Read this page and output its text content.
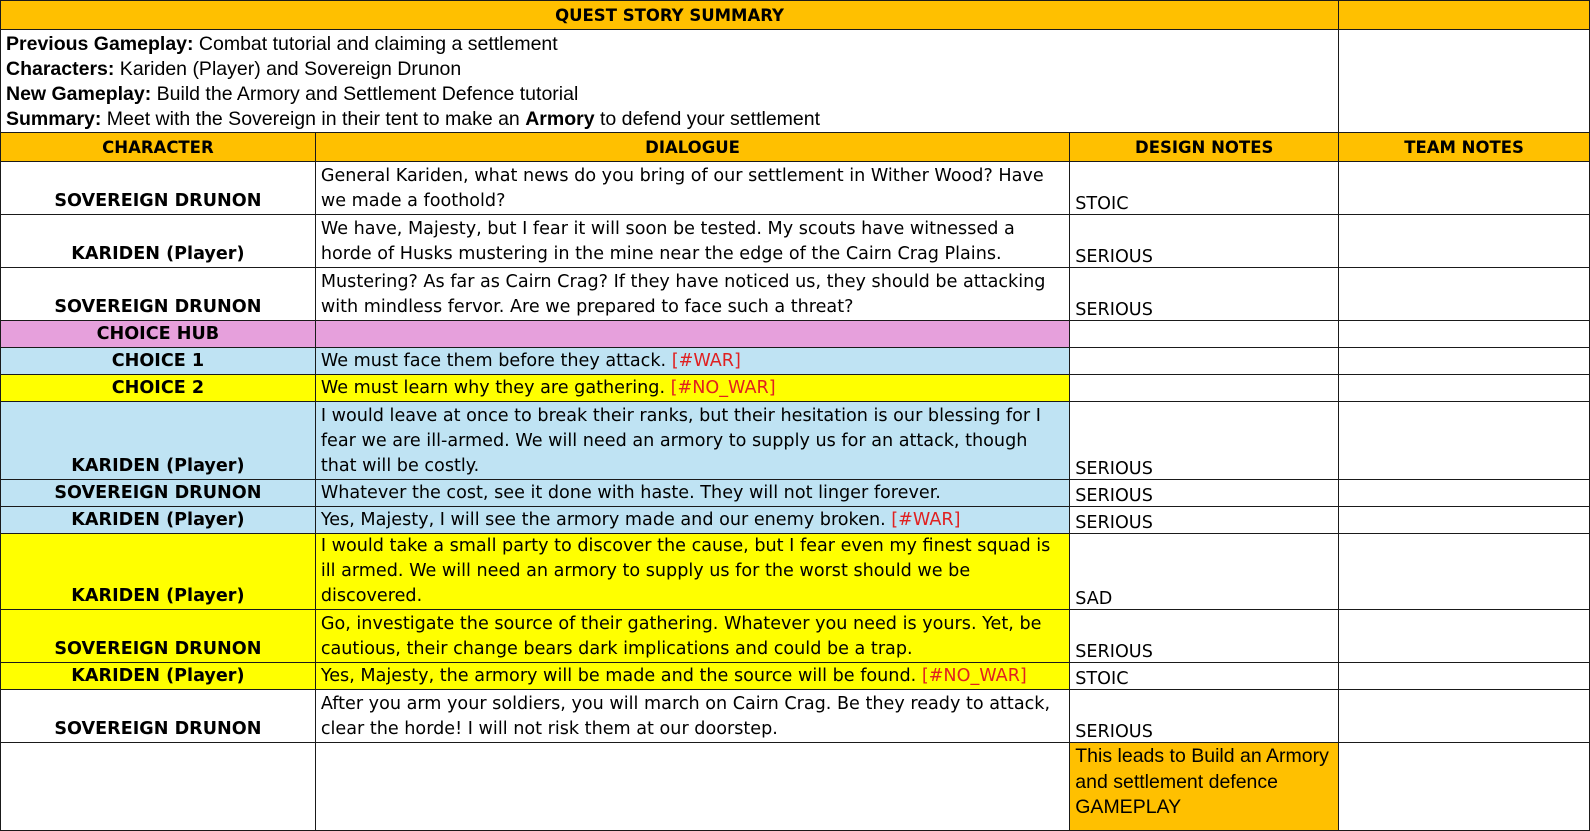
QUEST STORY SUMMARY			

Previous Gameplay: Combat tutorial and claiming a settlement
Characters: Kariden (Player) and Sovereign Drunon
New Gameplay: Build the Armory and Settlement Defence tutorial
Summary: Meet with the Sovereign in their tent to make an Armory to defend your settlement			

CHARACTER	DIALOGUE	DESIGN NOTES	TEAM NOTES
SOVEREIGN DRUNON	General Kariden, what news do you bring of our settlement in Wither Wood? Have we made a foothold?	STOIC	
KARIDEN (Player)	We have, Majesty, but I fear it will soon be tested. My scouts have witnessed a horde of Husks mustering in the mine near the edge of the Cairn Crag Plains.	SERIOUS	
SOVEREIGN DRUNON	Mustering? As far as Cairn Crag? If they have noticed us, they should be attacking with mindless fervor. Are we prepared to face such a threat?	SERIOUS	
CHOICE HUB			
CHOICE 1	We must face them before they attack. [#WAR]		
CHOICE 2	We must learn why they are gathering. [#NO_WAR]		
KARIDEN (Player)	I would leave at once to break their ranks, but their hesitation is our blessing for I fear we are ill-armed. We will need an armory to supply us for an attack, though that will be costly.	SERIOUS	
SOVEREIGN DRUNON	Whatever the cost, see it done with haste. They will not linger forever.	SERIOUS	
KARIDEN (Player)	Yes, Majesty, I will see the armory made and our enemy broken. [#WAR]	SERIOUS	
KARIDEN (Player)	I would take a small party to discover the cause, but I fear even my finest squad is ill armed. We will need an armory to supply us for the worst should we be discovered.	SAD	
SOVEREIGN DRUNON	Go, investigate the source of their gathering. Whatever you need is yours. Yet, be cautious, their change bears dark implications and could be a trap.	SERIOUS	
KARIDEN (Player)	Yes, Majesty, the armory will be made and the source will be found. [#NO_WAR]	STOIC	
SOVEREIGN DRUNON	After you arm your soldiers, you will march on Cairn Crag. Be they ready to attack, clear the horde! I will not risk them at our doorstep.	SERIOUS	
		This leads to Build an Armory and settlement defence GAMEPLAY	
